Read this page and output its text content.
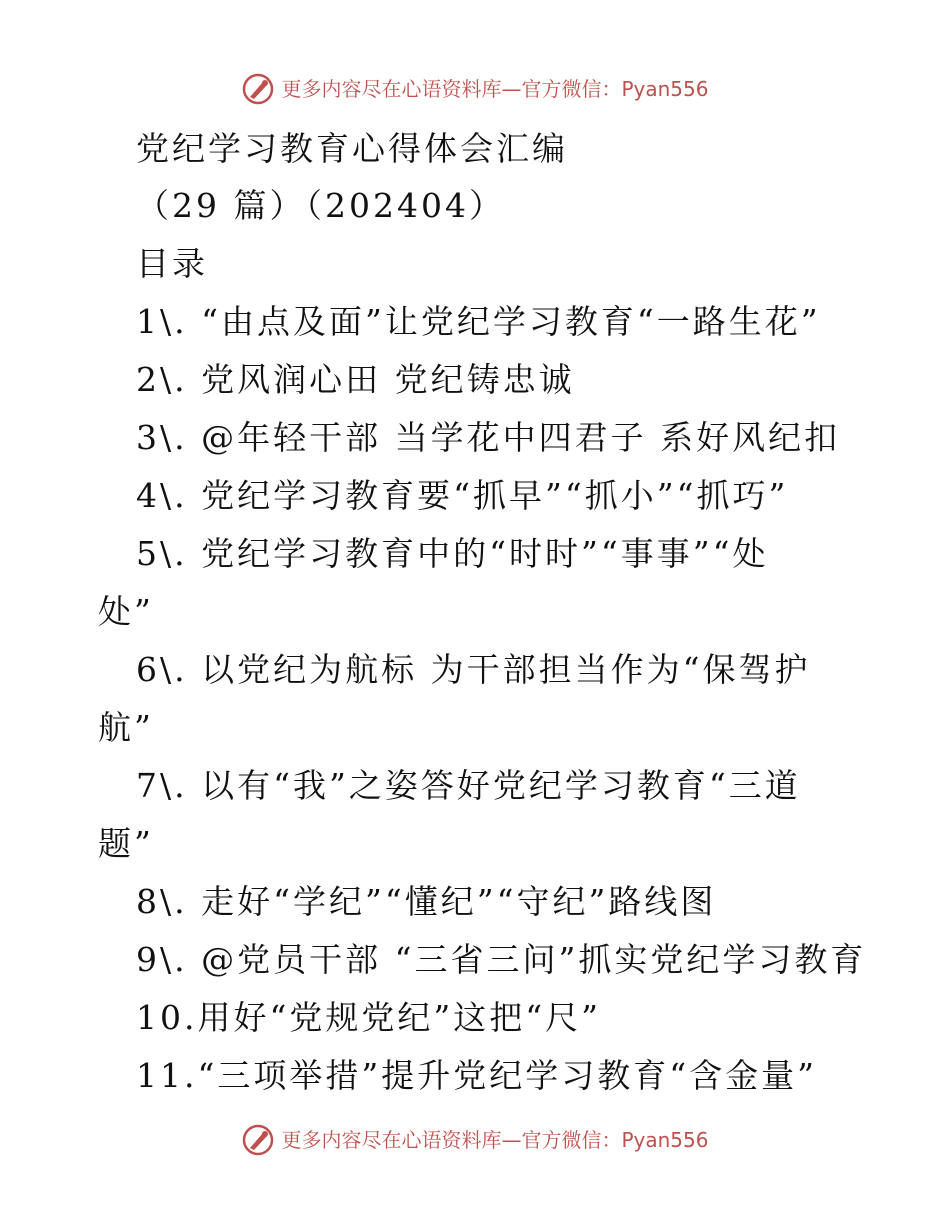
更多内容尽在心语资料库—官方微信：Pyan556
党纪学习教育心得体会汇编
（29 篇）（202404）
目录
1\. “由点及面”让党纪学习教育“一路生花”
2\. 党风润心田 党纪铸忠诚
3\. @年轻干部 当学花中四君子 系好风纪扣
4\. 党纪学习教育要“抓早”“抓小”“抓巧”
5\. 党纪学习教育中的“时时”“事事”“处
处”
6\. 以党纪为航标 为干部担当作为“保驾护
航”
7\. 以有“我”之姿答好党纪学习教育“三道
题”
8\. 走好“学纪”“懂纪”“守纪”路线图
9\. @党员干部 “三省三问”抓实党纪学习教育
10.用好“党规党纪”这把“尺”
11.“三项举措”提升党纪学习教育“含金量”
更多内容尽在心语资料库—官方微信：Pyan556
